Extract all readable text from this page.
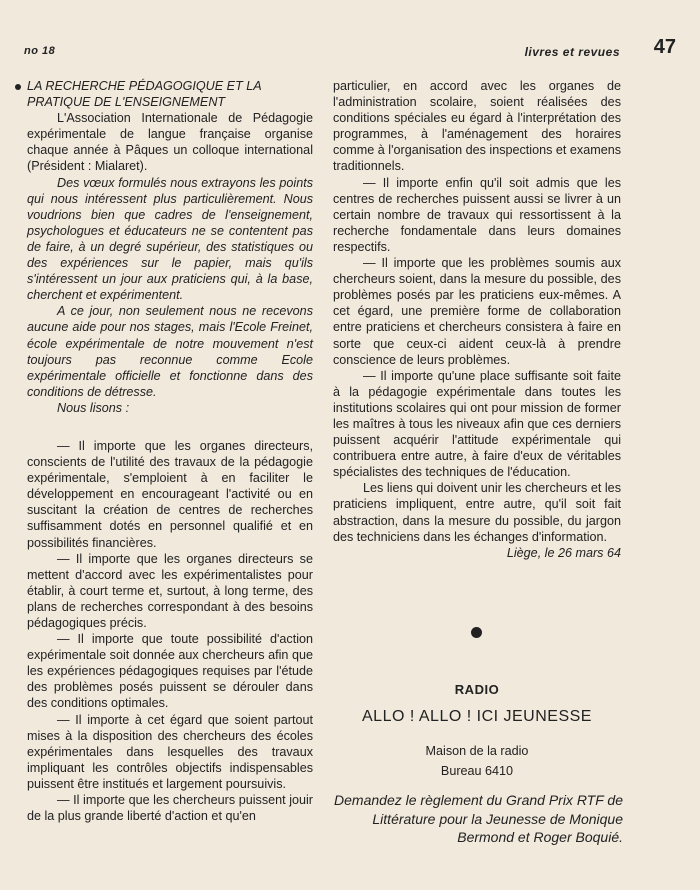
no 18	livres et revues 47

LA RECHERCHE PÉDAGOGIQUE ET LA
PRATIQUE DE L'ENSEIGNEMENT

L'Association Internationale de Pédagogie expérimentale de langue française organise chaque année à Pâques un colloque international (Président : Mialaret).

Des vœux formulés nous extrayons les points qui nous intéressent plus particulièrement. Nous voudrions bien que cadres de l'enseignement, psychologues et éducateurs ne se contentent pas de faire, à un degré supérieur, des statistiques ou des expériences sur le papier, mais qu'ils s'intéressent un jour aux praticiens qui, à la base, cherchent et expérimentent.

A ce jour, non seulement nous ne recevons aucune aide pour nos stages, mais l'Ecole Freinet, école expérimentale de notre mouvement n'est toujours pas reconnue comme Ecole expérimentale officielle et fonctionne dans des conditions de détresse.

Nous lisons :

— Il importe que les organes directeurs, conscients de l'utilité des travaux de la pédagogie expérimentale, s'emploient à en faciliter le développement en encourageant l'activité ou en suscitant la création de centres de recherches suffisamment dotés en personnel qualifié et en possibilités financières.

— Il importe que les organes directeurs se mettent d'accord avec les expérimentalistes pour établir, à court terme et, surtout, à long terme, des plans de recherches correspondant à des besoins pédagogiques précis.

— Il importe que toute possibilité d'action expérimentale soit donnée aux chercheurs afin que les expériences pédagogiques requises par l'étude des problèmes posés puissent se dérouler dans des conditions optimales.

— Il importe à cet égard que soient partout mises à la disposition des chercheurs des écoles expérimentales dans lesquelles des travaux impliquant les contrôles objectifs indispensables puissent être institués et largement poursuivis.

— Il importe que les chercheurs puissent jouir de la plus grande liberté d'action et qu'en

particulier, en accord avec les organes de l'administration scolaire, soient réalisées des conditions spéciales eu égard à l'interprétation des programmes, à l'aménagement des horaires comme à l'organisation des inspections et examens traditionnels.

— Il importe enfin qu'il soit admis que les centres de recherches puissent aussi se livrer à un certain nombre de travaux qui ressortissent à la recherche fondamentale dans leurs domaines respectifs.

— Il importe que les problèmes soumis aux chercheurs soient, dans la mesure du possible, des problèmes posés par les praticiens eux-mêmes. A cet égard, une première forme de collaboration entre praticiens et chercheurs consistera à faire en sorte que ceux-ci aident ceux-là à prendre conscience de leurs problèmes.

— Il importe qu'une place suffisante soit faite à la pédagogie expérimentale dans toutes les institutions scolaires qui ont pour mission de former les maîtres à tous les niveaux afin que ces derniers puissent acquérir l'attitude expérimentale qui contribuera entre autre, à faire d'eux de véritables spécialistes des techniques de l'éducation.

Les liens qui doivent unir les chercheurs et les praticiens impliquent, entre autre, qu'il soit fait abstraction, dans la mesure du possible, du jargon des techniciens dans les échanges d'information.

Liège, le 26 mars 64

RADIO
ALLO ! ALLO ! ICI JEUNESSE
Maison de la radio
Bureau 6410
Demandez le règlement du Grand Prix RTF de Littérature pour la Jeunesse de Monique Bermond et Roger Boquié.
